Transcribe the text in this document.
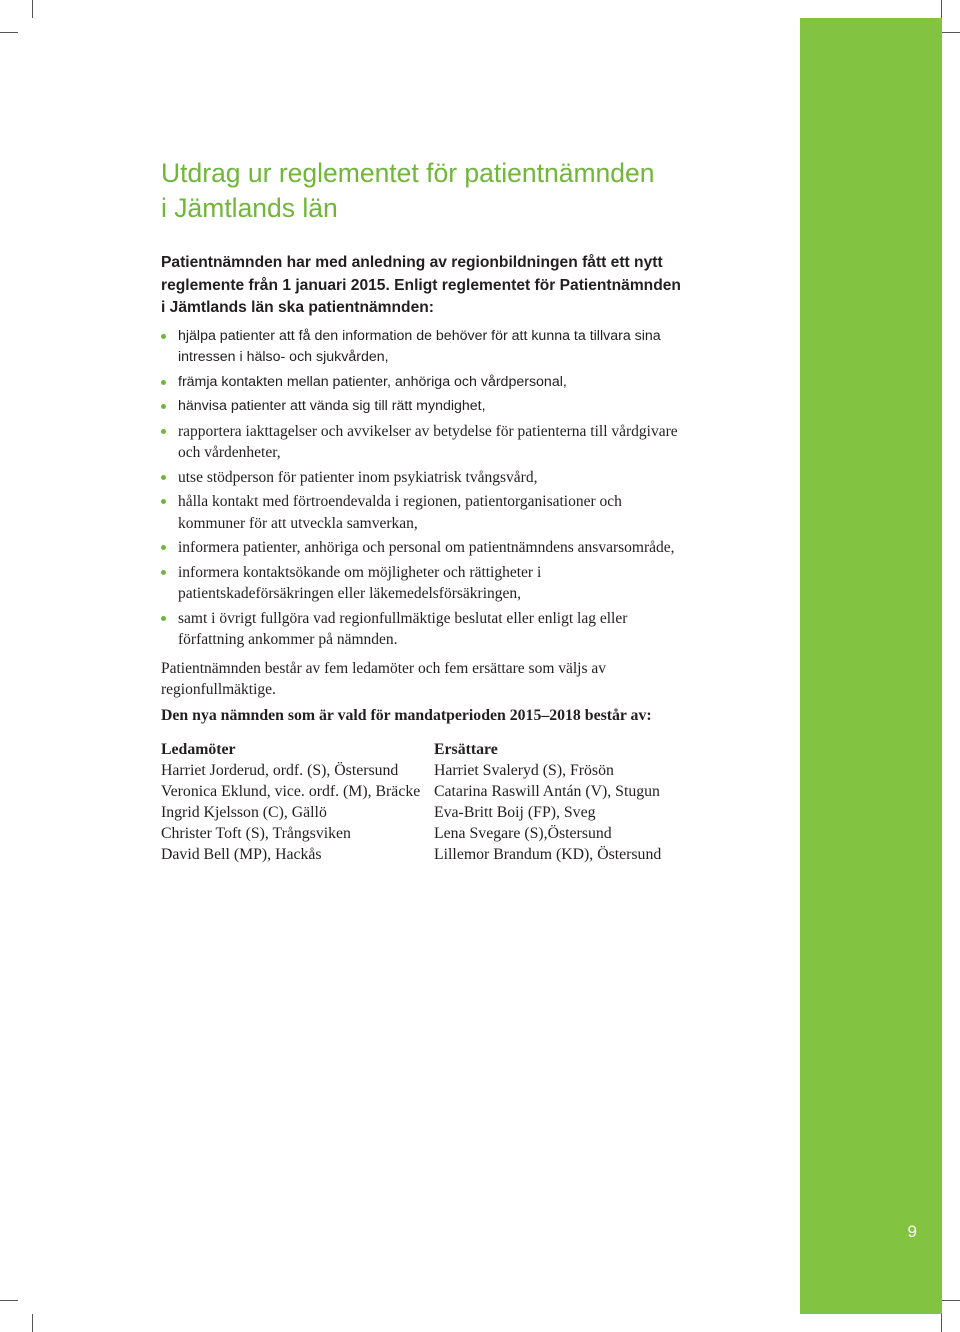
9
Utdrag ur reglementet för patientnämnden
i Jämtlands län

Patientnämnden har med anledning av regionbildningen fått ett nytt reglemente från 1 januari 2015. Enligt reglementet för Patientnämnden i Jämtlands län ska patientnämnden:

hjälpa patienter att få den information de behöver för att kunna ta tillvara sina intressen i hälso- och sjukvården,
främja kontakten mellan patienter, anhöriga och vårdpersonal,
hänvisa patienter att vända sig till rätt myndighet,
rapportera iakttagelser och avvikelser av betydelse för patienterna till vårdgivare och vårdenheter,
utse stödperson för patienter inom psykiatrisk tvångsvård,
hålla kontakt med förtroendevalda i regionen, patientorganisationer och kommuner för att utveckla samverkan,
informera patienter, anhöriga och personal om patientnämndens ansvarsområde,
informera kontaktsökande om möjligheter och rättigheter i patientskadeförsäkringen eller läkemedelsförsäkringen,
samt i övrigt fullgöra vad regionfullmäktige beslutat eller enligt lag eller författning ankommer på nämnden.

Patientnämnden består av fem ledamöter och fem ersättare som väljs av regionfullmäktige.

Den nya nämnden som är vald för mandatperioden 2015–2018 består av:

Ledamöter
Harriet Jorderud, ordf. (S), Östersund
Veronica Eklund, vice. ordf. (M), Bräcke
Ingrid Kjelsson (C), Gällö
Christer Toft (S), Trångsviken
David Bell (MP), Hackås
Ersättare
Harriet Svaleryd (S), Frösön
Catarina Raswill Antán (V), Stugun
Eva-Britt Boij (FP), Sveg
Lena Svegare (S),Östersund
Lillemor Brandum (KD), Östersund
